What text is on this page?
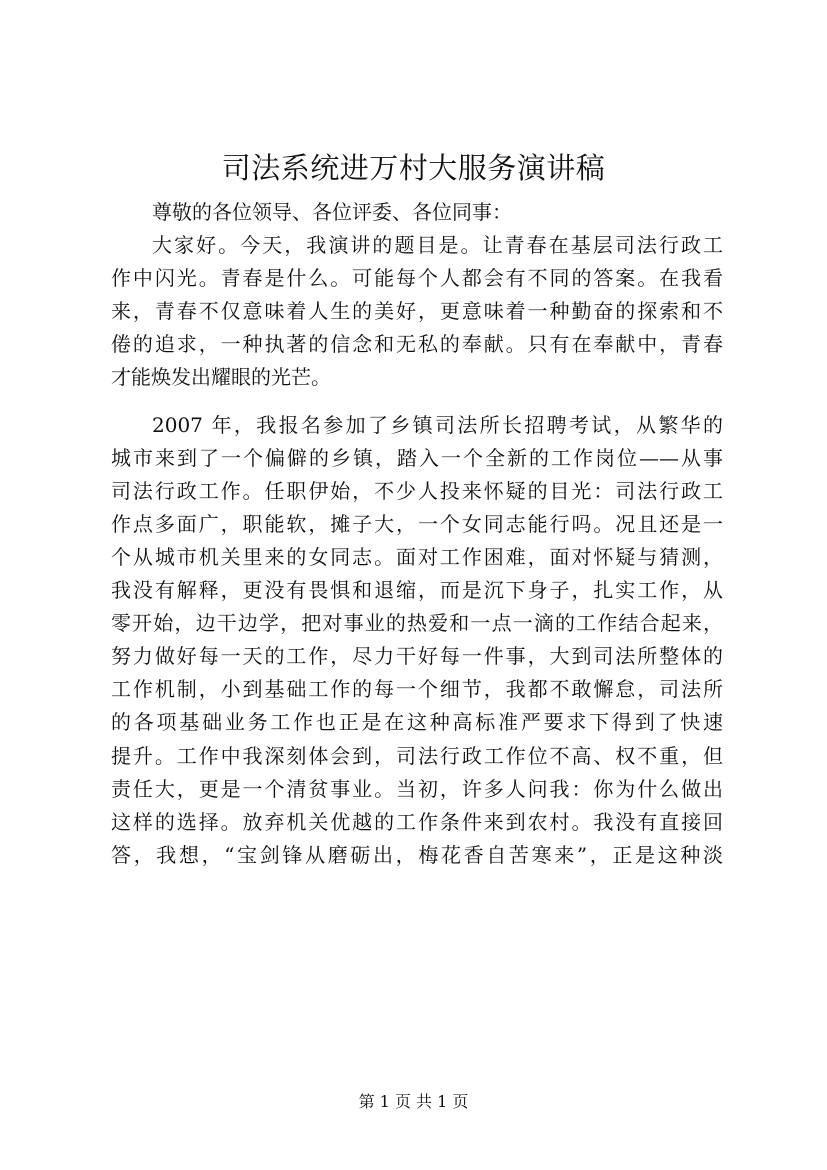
司法系统进万村大服务演讲稿
尊敬的各位领导、各位评委、各位同事：
大家好。今天，我演讲的题目是。让青春在基层司法行政工
作中闪光。青春是什么。可能每个人都会有不同的答案。在我看
来，青春不仅意味着人生的美好，更意味着一种勤奋的探索和不
倦的追求，一种执著的信念和无私的奉献。只有在奉献中，青春
才能焕发出耀眼的光芒。
2007 年，我报名参加了乡镇司法所长招聘考试，从繁华的
城市来到了一个偏僻的乡镇，踏入一个全新的工作岗位——从事
司法行政工作。任职伊始，不少人投来怀疑的目光：司法行政工
作点多面广，职能软，摊子大，一个女同志能行吗。况且还是一
个从城市机关里来的女同志。面对工作困难，面对怀疑与猜测，
我没有解释，更没有畏惧和退缩，而是沉下身子，扎实工作，从
零开始，边干边学，把对事业的热爱和一点一滴的工作结合起来，
努力做好每一天的工作，尽力干好每一件事，大到司法所整体的
工作机制，小到基础工作的每一个细节，我都不敢懈怠，司法所
的各项基础业务工作也正是在这种高标准严要求下得到了快速
提升。工作中我深刻体会到，司法行政工作位不高、权不重，但
责任大，更是一个清贫事业。当初，许多人问我：你为什么做出
这样的选择。放弃机关优越的工作条件来到农村。我没有直接回
答，我想，“宝剑锋从磨砺出，梅花香自苦寒来”，正是这种淡
第 1 页 共 1 页
